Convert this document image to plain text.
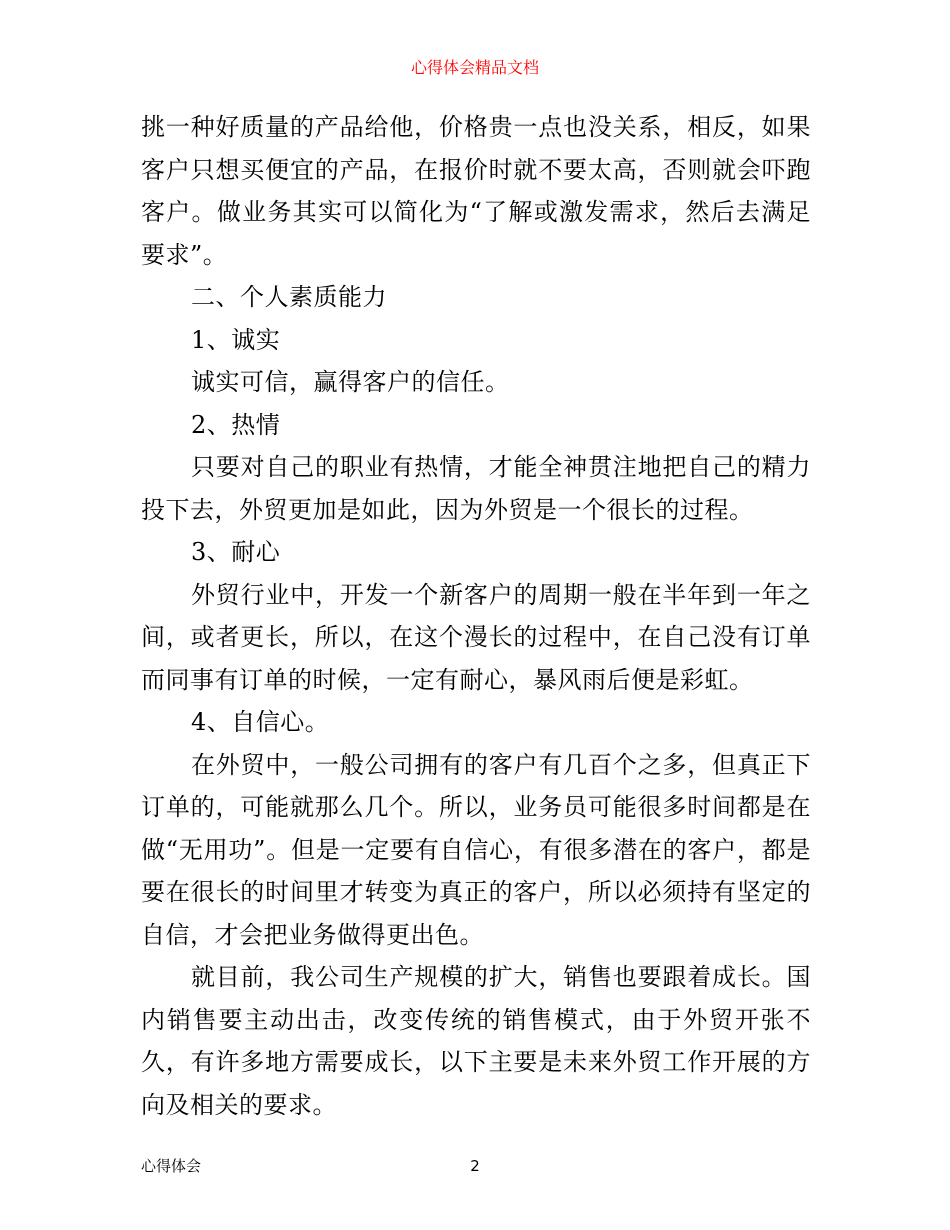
心得体会精品文档

挑一种好质量的产品给他，价格贵一点也没关系，相反，如果客户只想买便宜的产品，在报价时就不要太高，否则就会吓跑客户。做业务其实可以简化为“了解或激发需求，然后去满足要求”。

二、个人素质能力

1、诚实

诚实可信，赢得客户的信任。

2、热情

只要对自己的职业有热情，才能全神贯注地把自己的精力投下去，外贸更加是如此，因为外贸是一个很长的过程。

3、耐心

外贸行业中，开发一个新客户的周期一般在半年到一年之间，或者更长，所以，在这个漫长的过程中，在自己没有订单而同事有订单的时候，一定有耐心，暴风雨后便是彩虹。

4、自信心。

在外贸中，一般公司拥有的客户有几百个之多，但真正下订单的，可能就那么几个。所以，业务员可能很多时间都是在做“无用功”。但是一定要有自信心，有很多潜在的客户，都是要在很长的时间里才转变为真正的客户，所以必须持有坚定的自信，才会把业务做得更出色。

就目前，我公司生产规模的扩大，销售也要跟着成长。国内销售要主动出击，改变传统的销售模式，由于外贸开张不久，有许多地方需要成长，以下主要是未来外贸工作开展的方向及相关的要求。

心得体会	2
